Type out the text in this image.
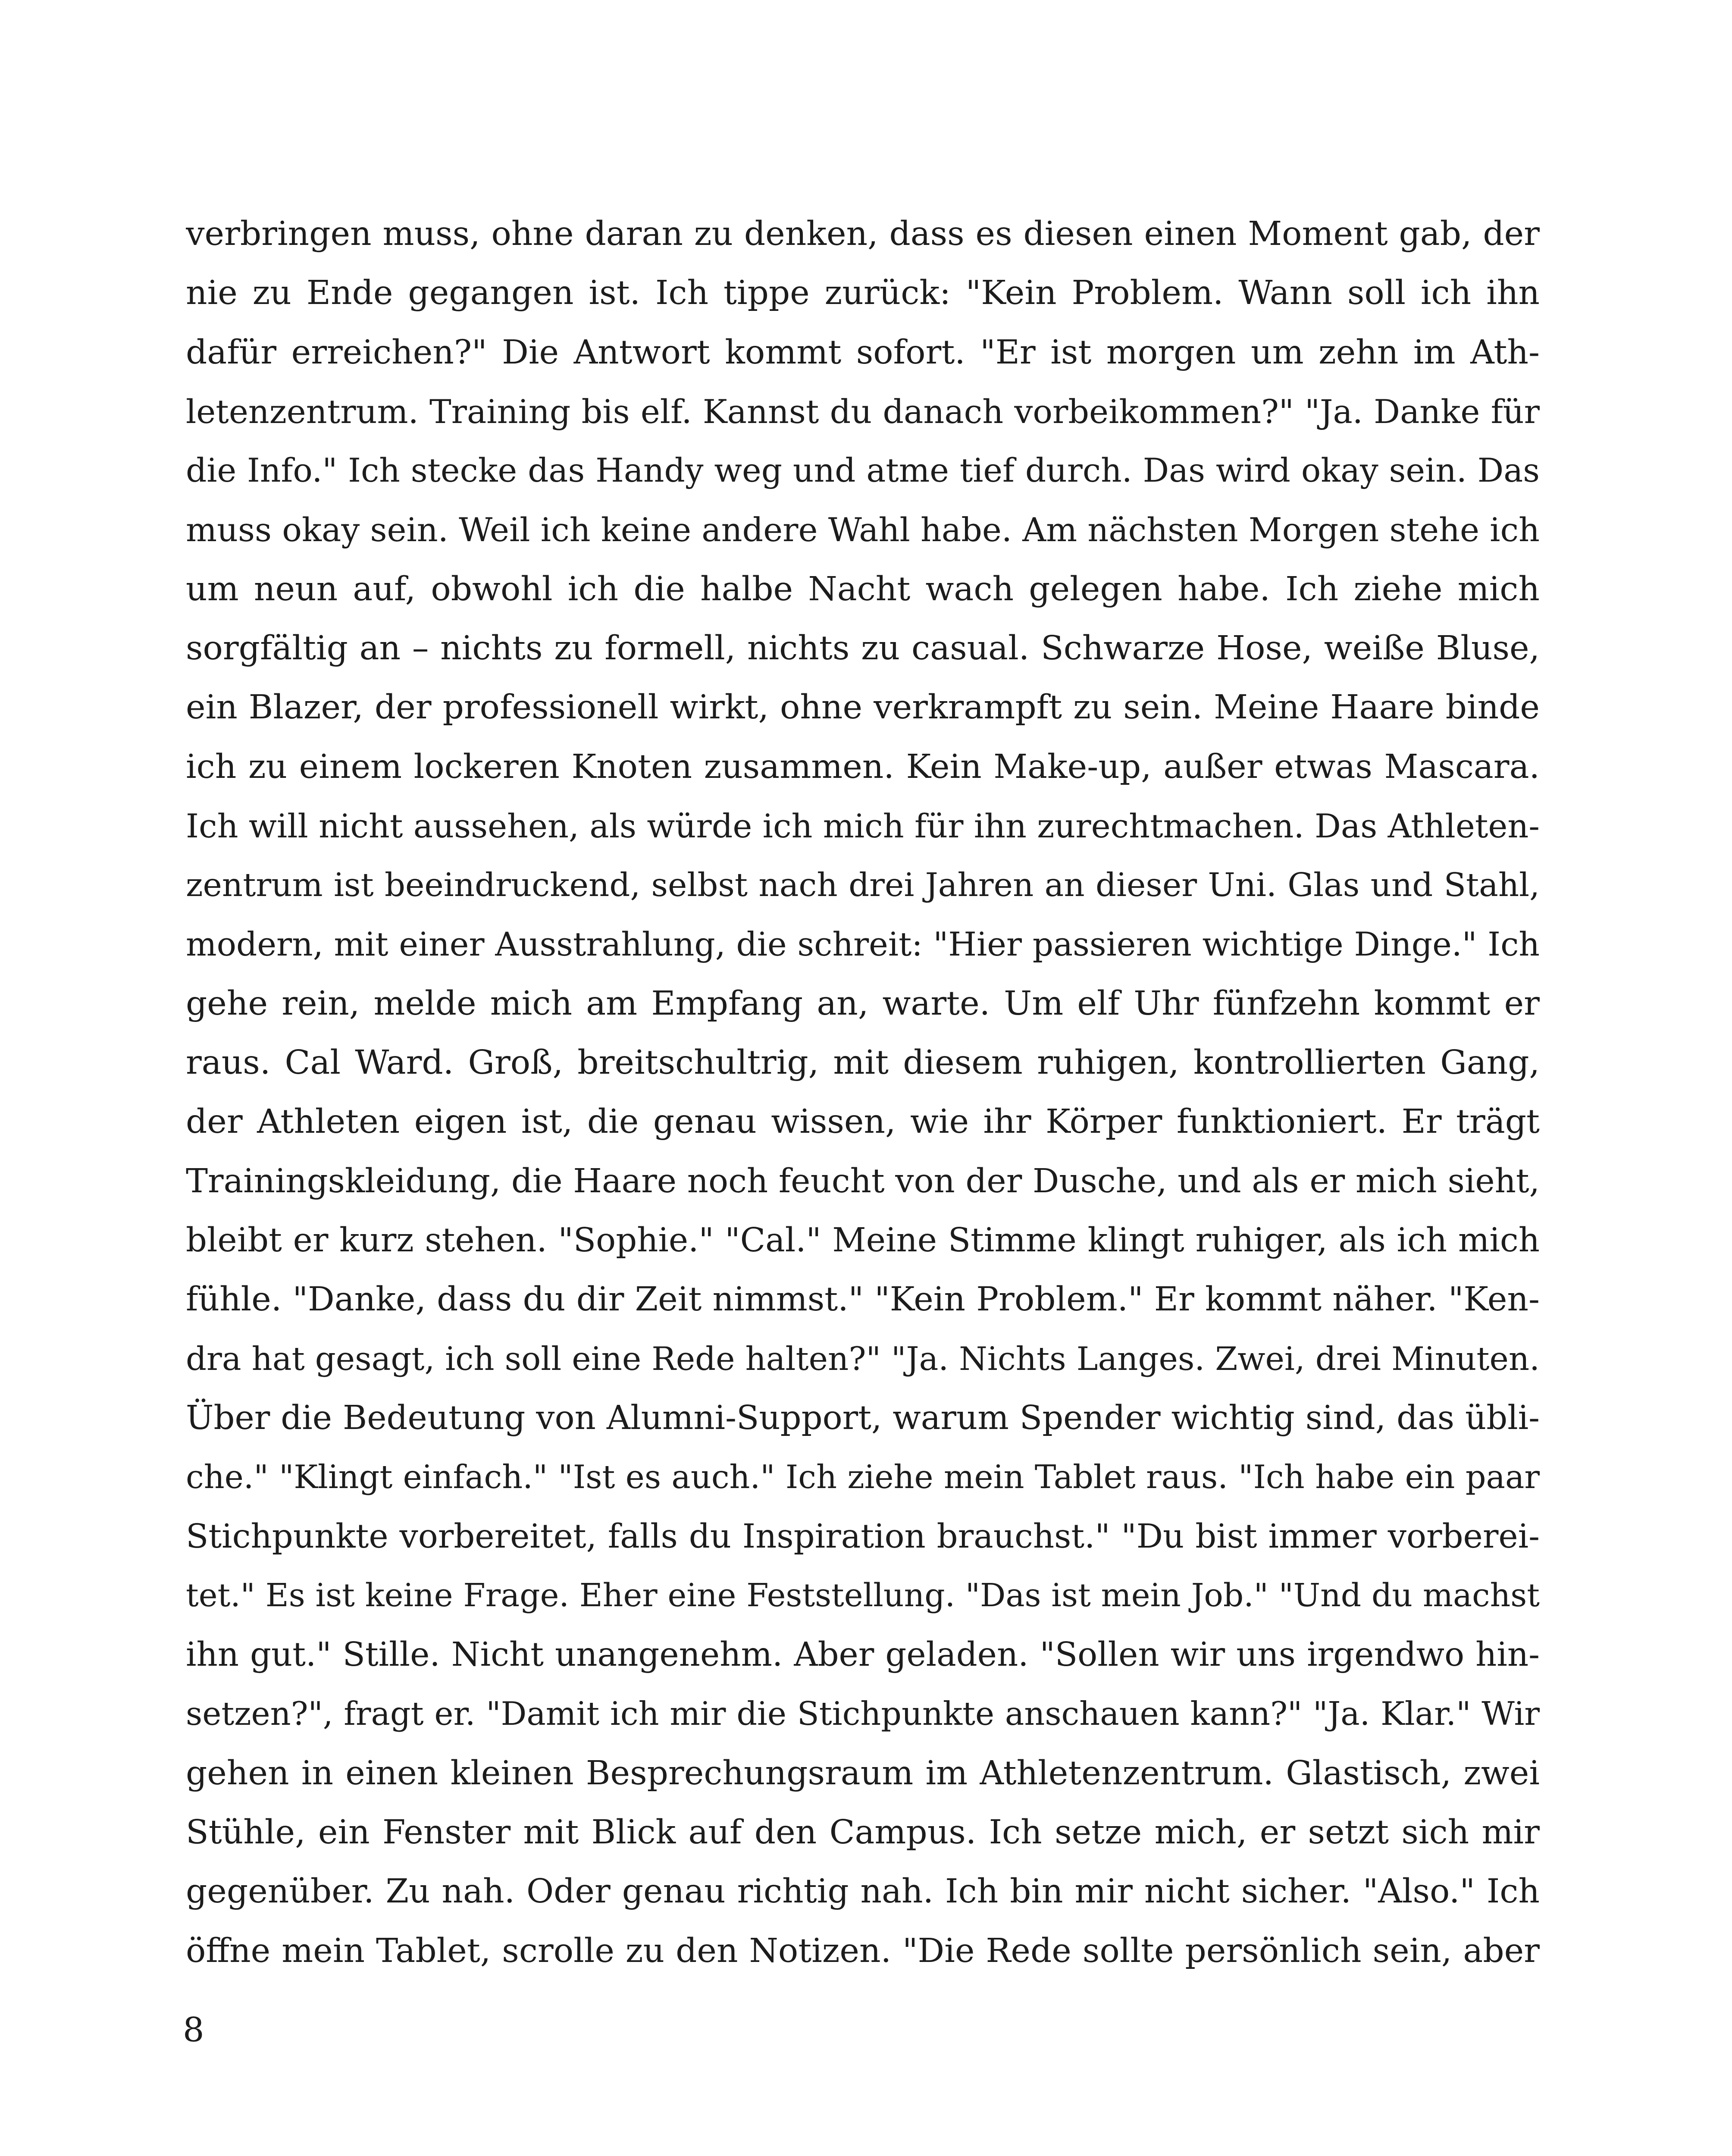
verbringen muss, ohne daran zu denken, dass es diesen einen Moment gab, der
nie zu Ende gegangen ist. Ich tippe zurück: "Kein Problem. Wann soll ich ihn
dafür erreichen?" Die Antwort kommt sofort. "Er ist morgen um zehn im Ath-
letenzentrum. Training bis elf. Kannst du danach vorbeikommen?" "Ja. Danke für
die Info." Ich stecke das Handy weg und atme tief durch. Das wird okay sein. Das
muss okay sein. Weil ich keine andere Wahl habe. Am nächsten Morgen stehe ich
um neun auf, obwohl ich die halbe Nacht wach gelegen habe. Ich ziehe mich
sorgfältig an – nichts zu formell, nichts zu casual. Schwarze Hose, weiße Bluse,
ein Blazer, der professionell wirkt, ohne verkrampft zu sein. Meine Haare binde
ich zu einem lockeren Knoten zusammen. Kein Make-up, außer etwas Mascara.
Ich will nicht aussehen, als würde ich mich für ihn zurechtmachen. Das Athleten-
zentrum ist beeindruckend, selbst nach drei Jahren an dieser Uni. Glas und Stahl,
modern, mit einer Ausstrahlung, die schreit: "Hier passieren wichtige Dinge." Ich
gehe rein, melde mich am Empfang an, warte. Um elf Uhr fünfzehn kommt er
raus. Cal Ward. Groß, breitschultrig, mit diesem ruhigen, kontrollierten Gang,
der Athleten eigen ist, die genau wissen, wie ihr Körper funktioniert. Er trägt
Trainingskleidung, die Haare noch feucht von der Dusche, und als er mich sieht,
bleibt er kurz stehen. "Sophie." "Cal." Meine Stimme klingt ruhiger, als ich mich
fühle. "Danke, dass du dir Zeit nimmst." "Kein Problem." Er kommt näher. "Ken-
dra hat gesagt, ich soll eine Rede halten?" "Ja. Nichts Langes. Zwei, drei Minuten.
Über die Bedeutung von Alumni-Support, warum Spender wichtig sind, das übli-
che." "Klingt einfach." "Ist es auch." Ich ziehe mein Tablet raus. "Ich habe ein paar
Stichpunkte vorbereitet, falls du Inspiration brauchst." "Du bist immer vorberei-
tet." Es ist keine Frage. Eher eine Feststellung. "Das ist mein Job." "Und du machst
ihn gut." Stille. Nicht unangenehm. Aber geladen. "Sollen wir uns irgendwo hin-
setzen?", fragt er. "Damit ich mir die Stichpunkte anschauen kann?" "Ja. Klar." Wir
gehen in einen kleinen Besprechungsraum im Athletenzentrum. Glastisch, zwei
Stühle, ein Fenster mit Blick auf den Campus. Ich setze mich, er setzt sich mir
gegenüber. Zu nah. Oder genau richtig nah. Ich bin mir nicht sicher. "Also." Ich
öffne mein Tablet, scrolle zu den Notizen. "Die Rede sollte persönlich sein, aber
8
